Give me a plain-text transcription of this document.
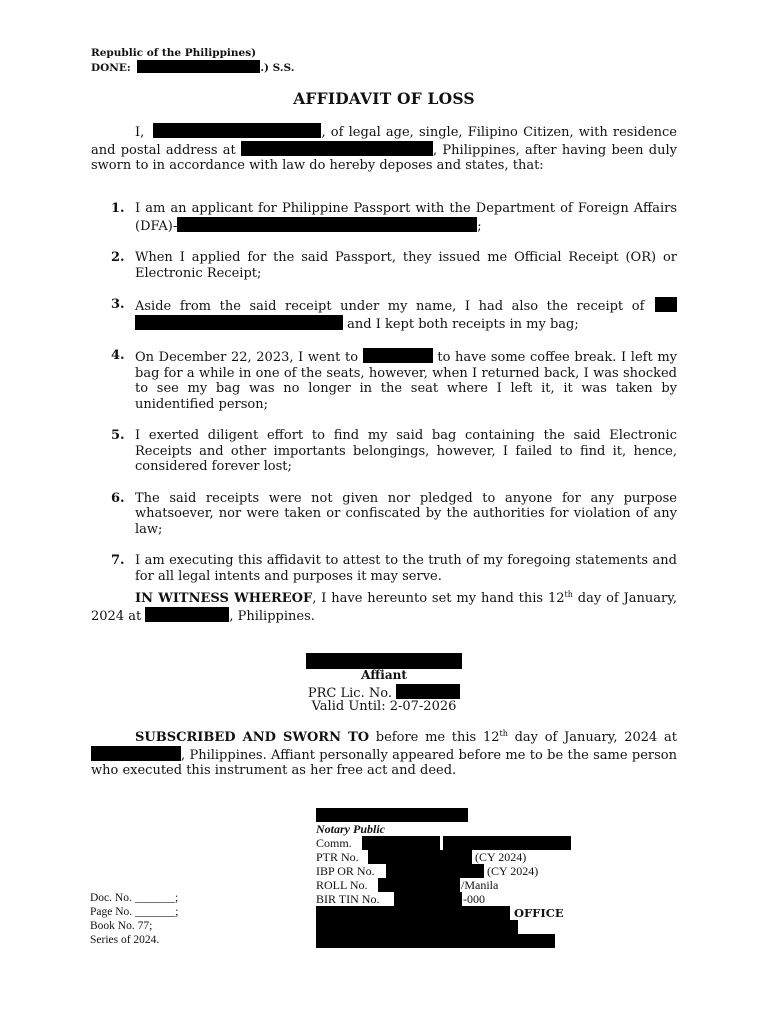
Republic of the Philippines)
DONE:	.) S.S.
AFFIDAVIT OF LOSS
I,	, of legal age, single, Filipino Citizen, with residence and postal address at	, Philippines, after having been duly sworn to in accordance with law do hereby deposes and states, that:
1. I am an applicant for Philippine Passport with the Department of Foreign Affairs (DFA)-	;
2. When I applied for the said Passport, they issued me Official Receipt (OR) or Electronic Receipt;
3. Aside from the said receipt under my name, I had also the receipt of   and I kept both receipts in my bag;
4. On December 22, 2023, I went to	to have some coffee break. I left my bag for a while in one of the seats, however, when I returned back, I was shocked to see my bag was no longer in the seat where I left it, it was taken by unidentified person;
5. I exerted diligent effort to find my said bag containing the said Electronic Receipts and other importants belongings, however, I failed to find it, hence, considered forever lost;
6. The said receipts were not given nor pledged to anyone for any purpose whatsoever, nor were taken or confiscated by the authorities for violation of any law;
7. I am executing this affidavit to attest to the truth of my foregoing statements and for all legal intents and purposes it may serve.
IN WITNESS WHEREOF, I have hereunto set my hand this 12th day of January, 2024 at	, Philippines.
Affiant
PRC Lic. No.
Valid Until: 2-07-2026
SUBSCRIBED AND SWORN TO before me this 12th day of January, 2024 at , Philippines. Affiant personally appeared before me to be the same person who executed this instrument as her free act and deed.
Notary Public
Comm.
PTR No.	(CY 2024)
IBP OR No.	(CY 2024)
ROLL No.	/Manila
BIR TIN No.	-000
OFFICE
Doc. No. _______;
Page No. _______;
Book No. 77;
Series of 2024.
